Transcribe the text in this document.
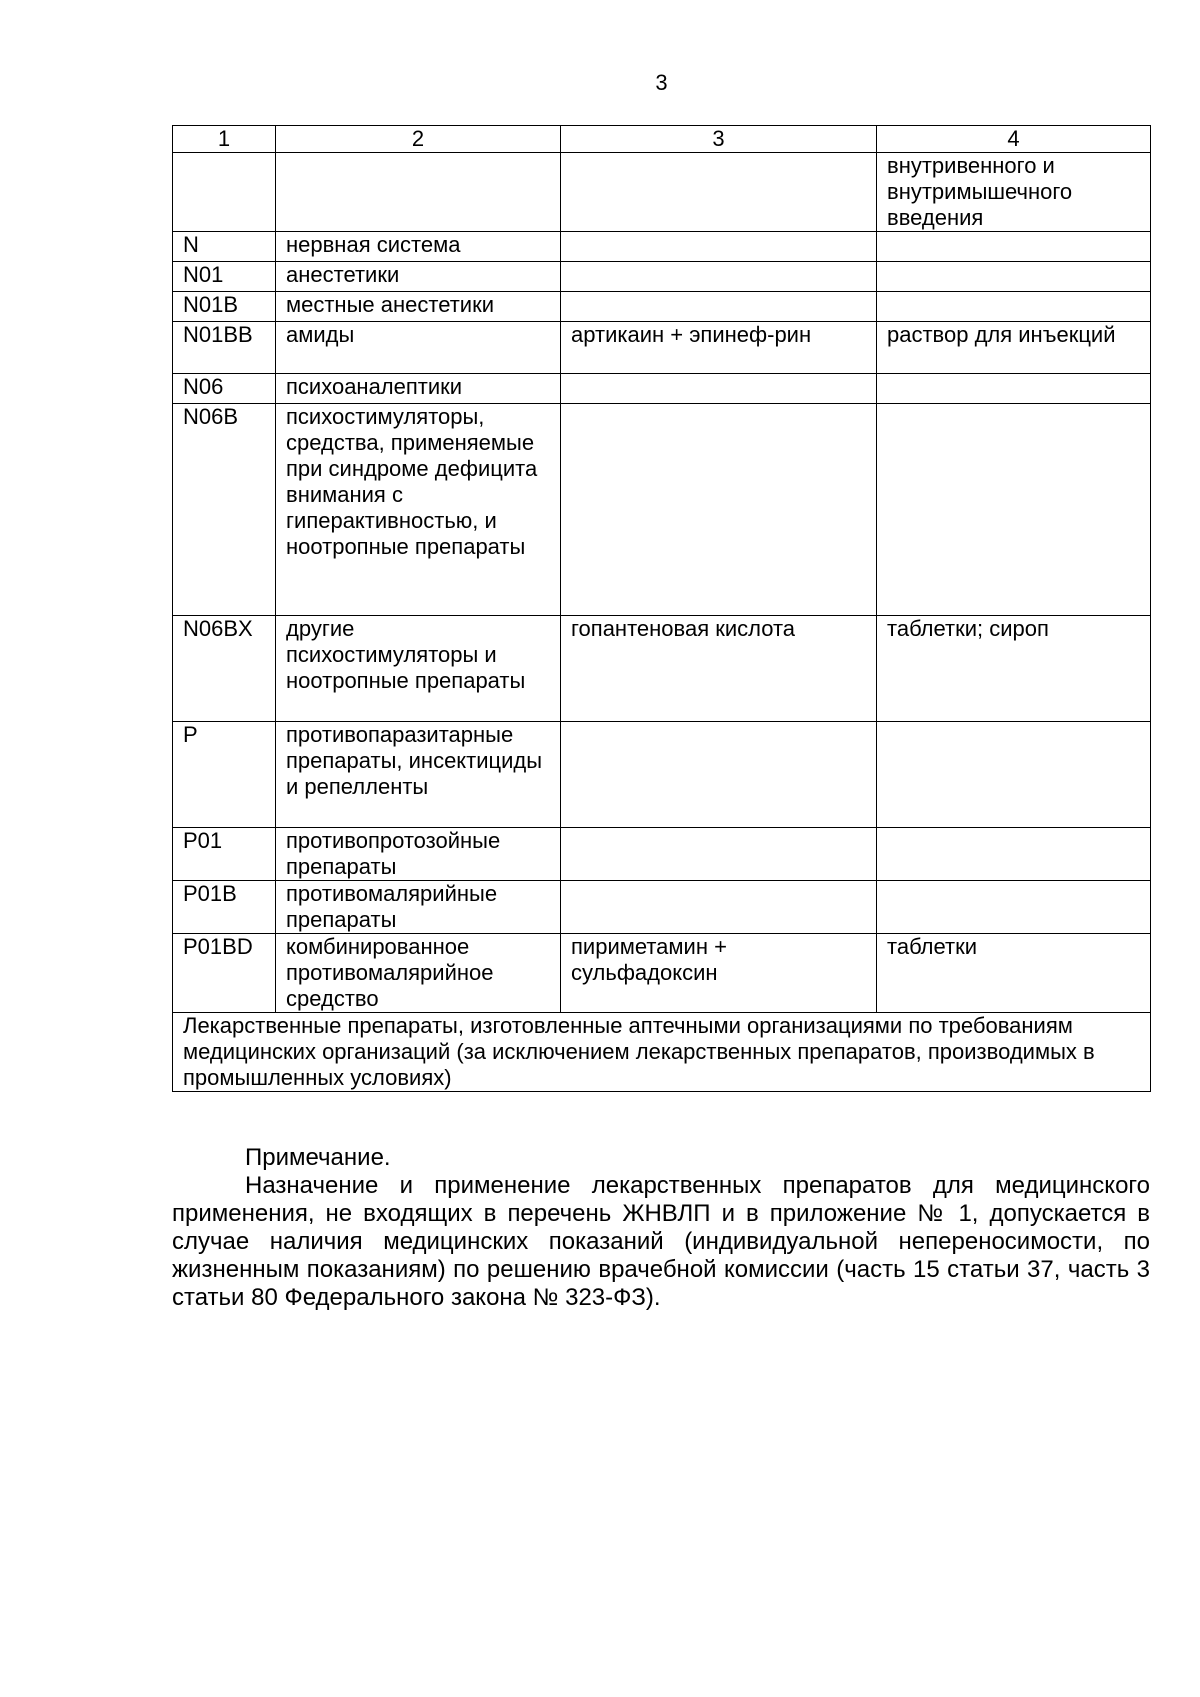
3
1	2	3	4
			внутривенного и внутримышечного введения
N	нервная система		
N01	анестетики		
N01B	местные анестетики		
N01BB	амиды	артикаин + эпинеф-рин	раствор для инъекций
N06	психоаналептики		
N06B	психостимуляторы, средства, применяемые при синдроме дефицита внимания с гиперактивностью, и ноотропные препараты		
N06BX	другие психостимуляторы и ноотропные препараты	гопантеновая кислота	таблетки; сироп
P	противопаразитарные препараты, инсектициды и репелленты		
P01	противопротозойные препараты		
P01B	противомалярийные препараты		
P01BD	комбинированное противомалярийное средство	пириметамин + сульфадоксин	таблетки
Лекарственные препараты, изготовленные аптечными организациями по требованиям медицинских организаций (за исключением лекарственных препаратов, производимых в промышленных условиях)			

Примечание.

Назначение и применение лекарственных препаратов для медицинского применения, не входящих в перечень ЖНВЛП и в приложение № 1, допускается в случае наличия медицинских показаний (индивидуальной непереносимости, по жизненным показаниям) по решению врачебной комиссии (часть 15 статьи 37, часть 3 статьи 80 Федерального закона № 323-ФЗ).
